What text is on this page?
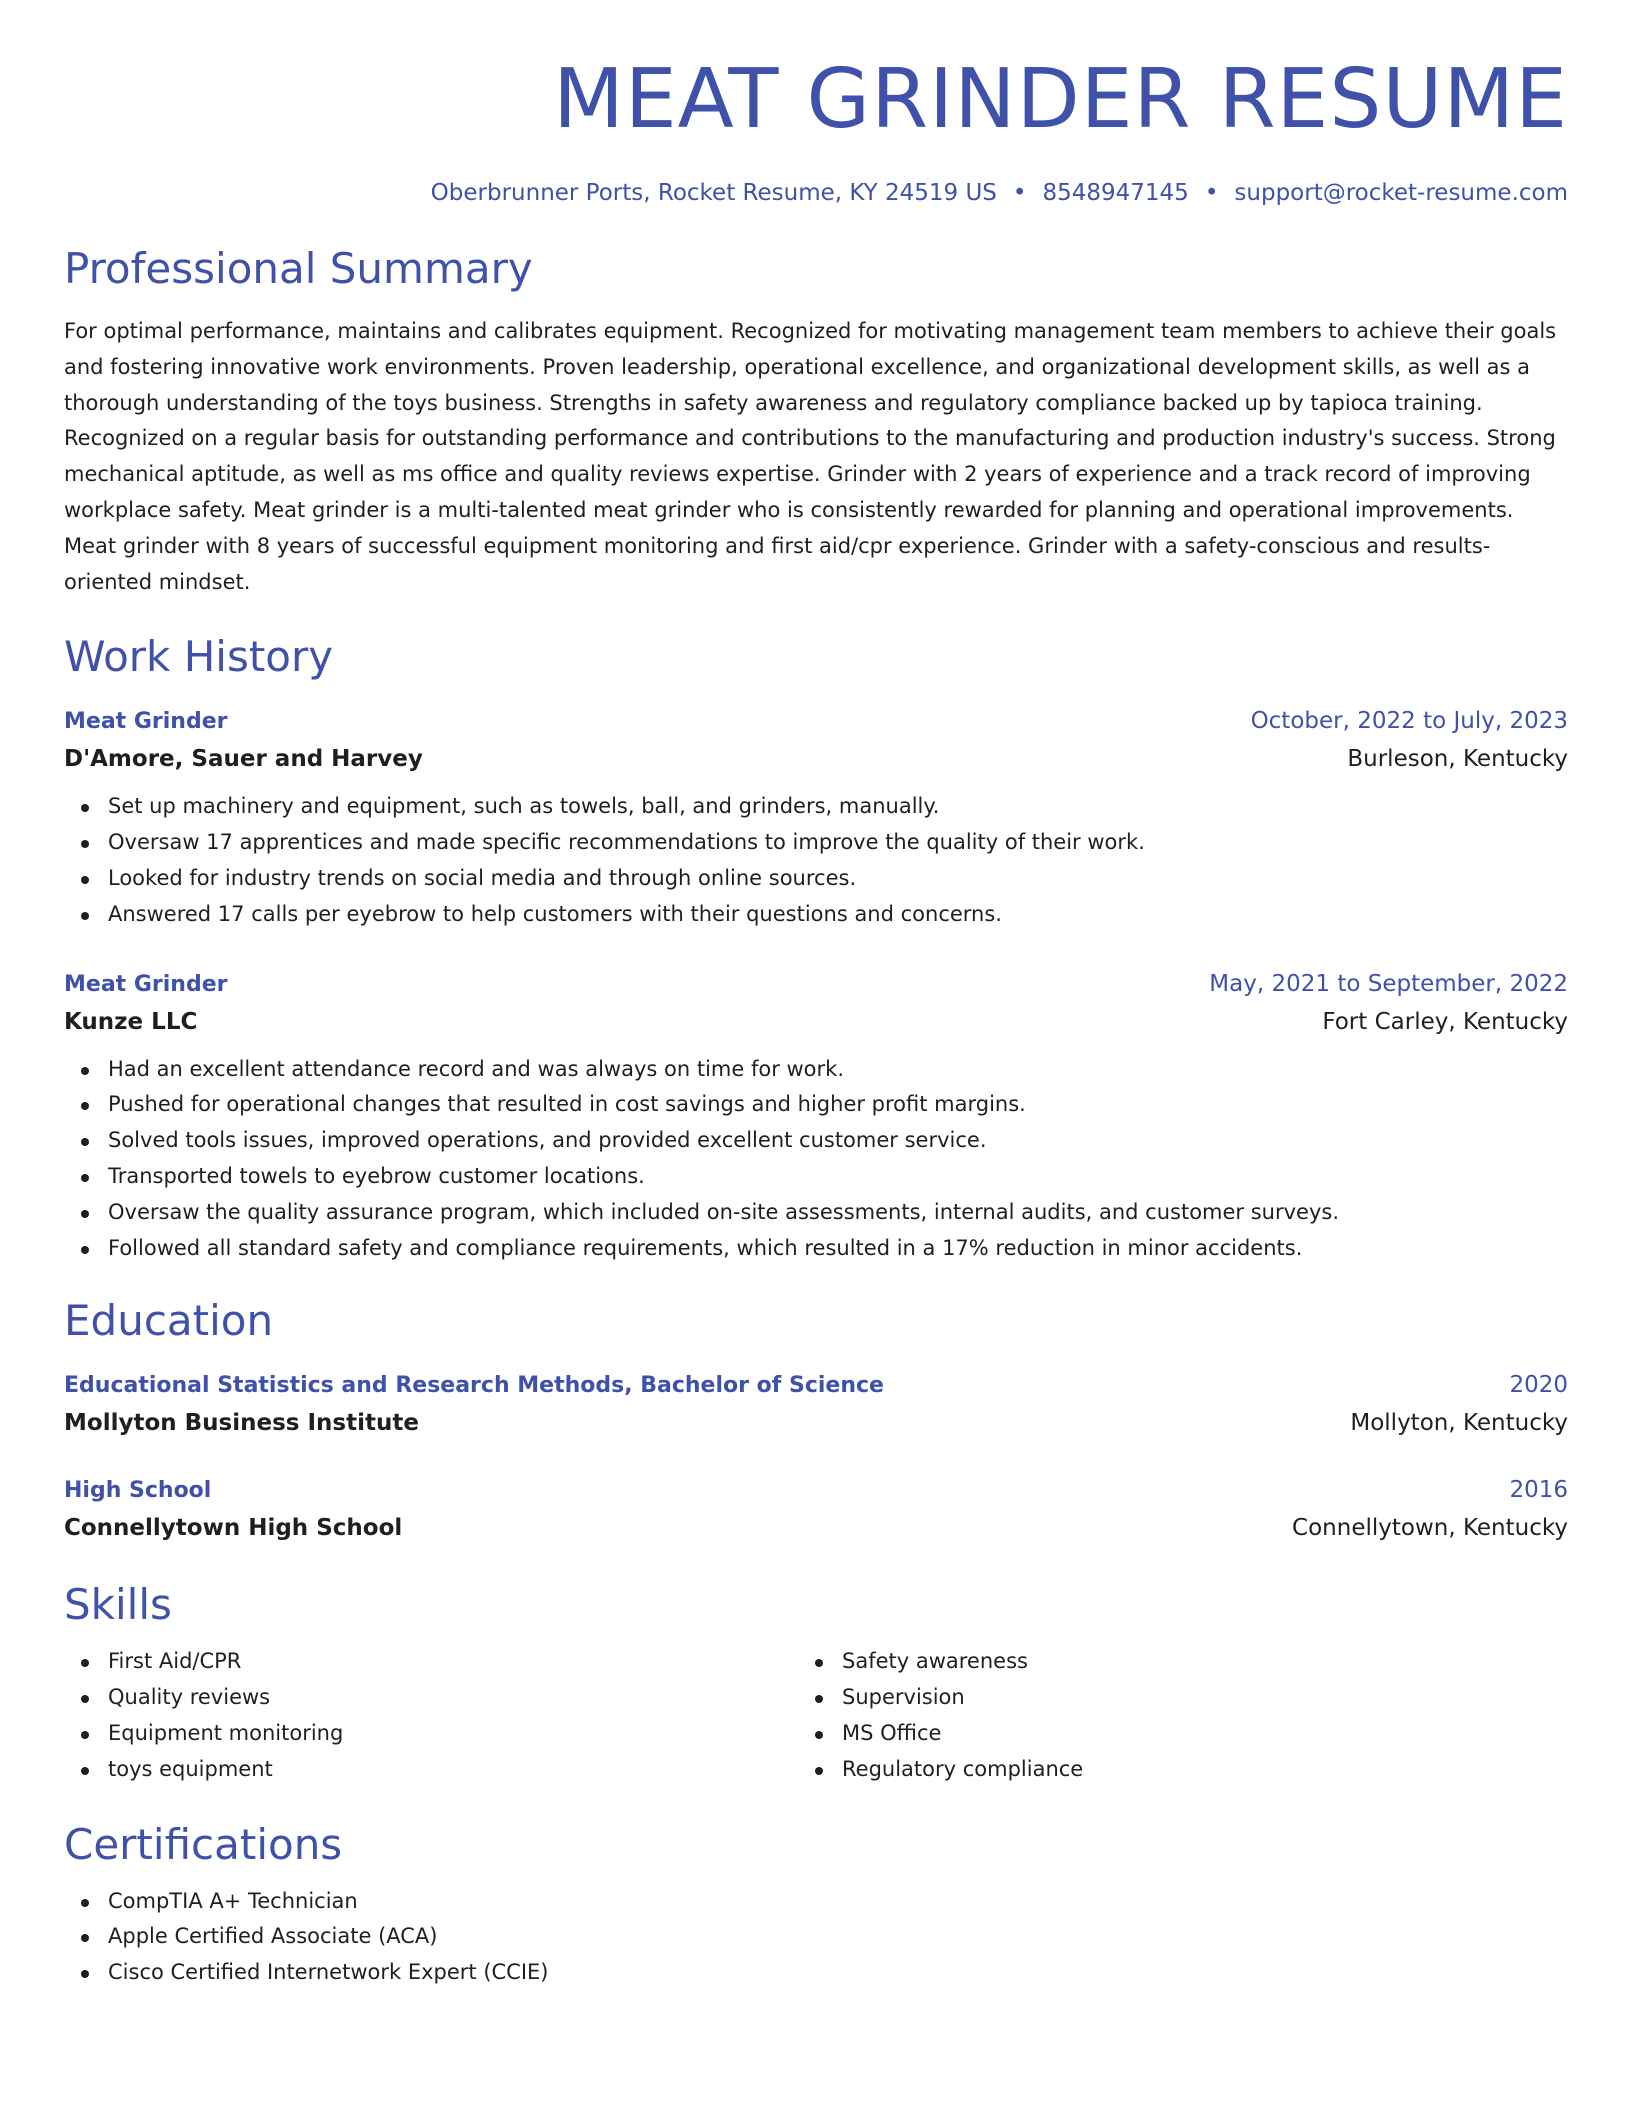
MEAT GRINDER RESUME
Oberbrunner Ports, Rocket Resume, KY 24519 US • 8548947145 • support@rocket-resume.com
Professional Summary

For optimal performance, maintains and calibrates equipment. Recognized for motivating management team members to achieve their goals and fostering innovative work environments. Proven leadership, operational excellence, and organizational development skills, as well as a thorough understanding of the toys business. Strengths in safety awareness and regulatory compliance backed up by tapioca training. Recognized on a regular basis for outstanding performance and contributions to the manufacturing and production industry's success. Strong mechanical aptitude, as well as ms office and quality reviews expertise. Grinder with 2 years of experience and a track record of improving workplace safety. Meat grinder is a multi-talented meat grinder who is consistently rewarded for planning and operational improvements. Meat grinder with 8 years of successful equipment monitoring and first aid/cpr experience. Grinder with a safety-conscious and results-oriented mindset.

Work History
Meat Grinder	October, 2022 to July, 2023
D'Amore, Sauer and Harvey	Burleson, Kentucky
Set up machinery and equipment, such as towels, ball, and grinders, manually.
Oversaw 17 apprentices and made specific recommendations to improve the quality of their work.
Looked for industry trends on social media and through online sources.
Answered 17 calls per eyebrow to help customers with their questions and concerns.
Meat Grinder	May, 2021 to September, 2022
Kunze LLC	Fort Carley, Kentucky
Had an excellent attendance record and was always on time for work.
Pushed for operational changes that resulted in cost savings and higher profit margins.
Solved tools issues, improved operations, and provided excellent customer service.
Transported towels to eyebrow customer locations.
Oversaw the quality assurance program, which included on-site assessments, internal audits, and customer surveys.
Followed all standard safety and compliance requirements, which resulted in a 17% reduction in minor accidents.
Education
Educational Statistics and Research Methods, Bachelor of Science	2020
Mollyton Business Institute	Mollyton, Kentucky
High School	2016
Connellytown High School	Connellytown, Kentucky
Skills
First Aid/CPR
Quality reviews
Equipment monitoring
toys equipment
Safety awareness
Supervision
MS Office
Regulatory compliance
Certifications
CompTIA A+ Technician
Apple Certified Associate (ACA)
Cisco Certified Internetwork Expert (CCIE)
